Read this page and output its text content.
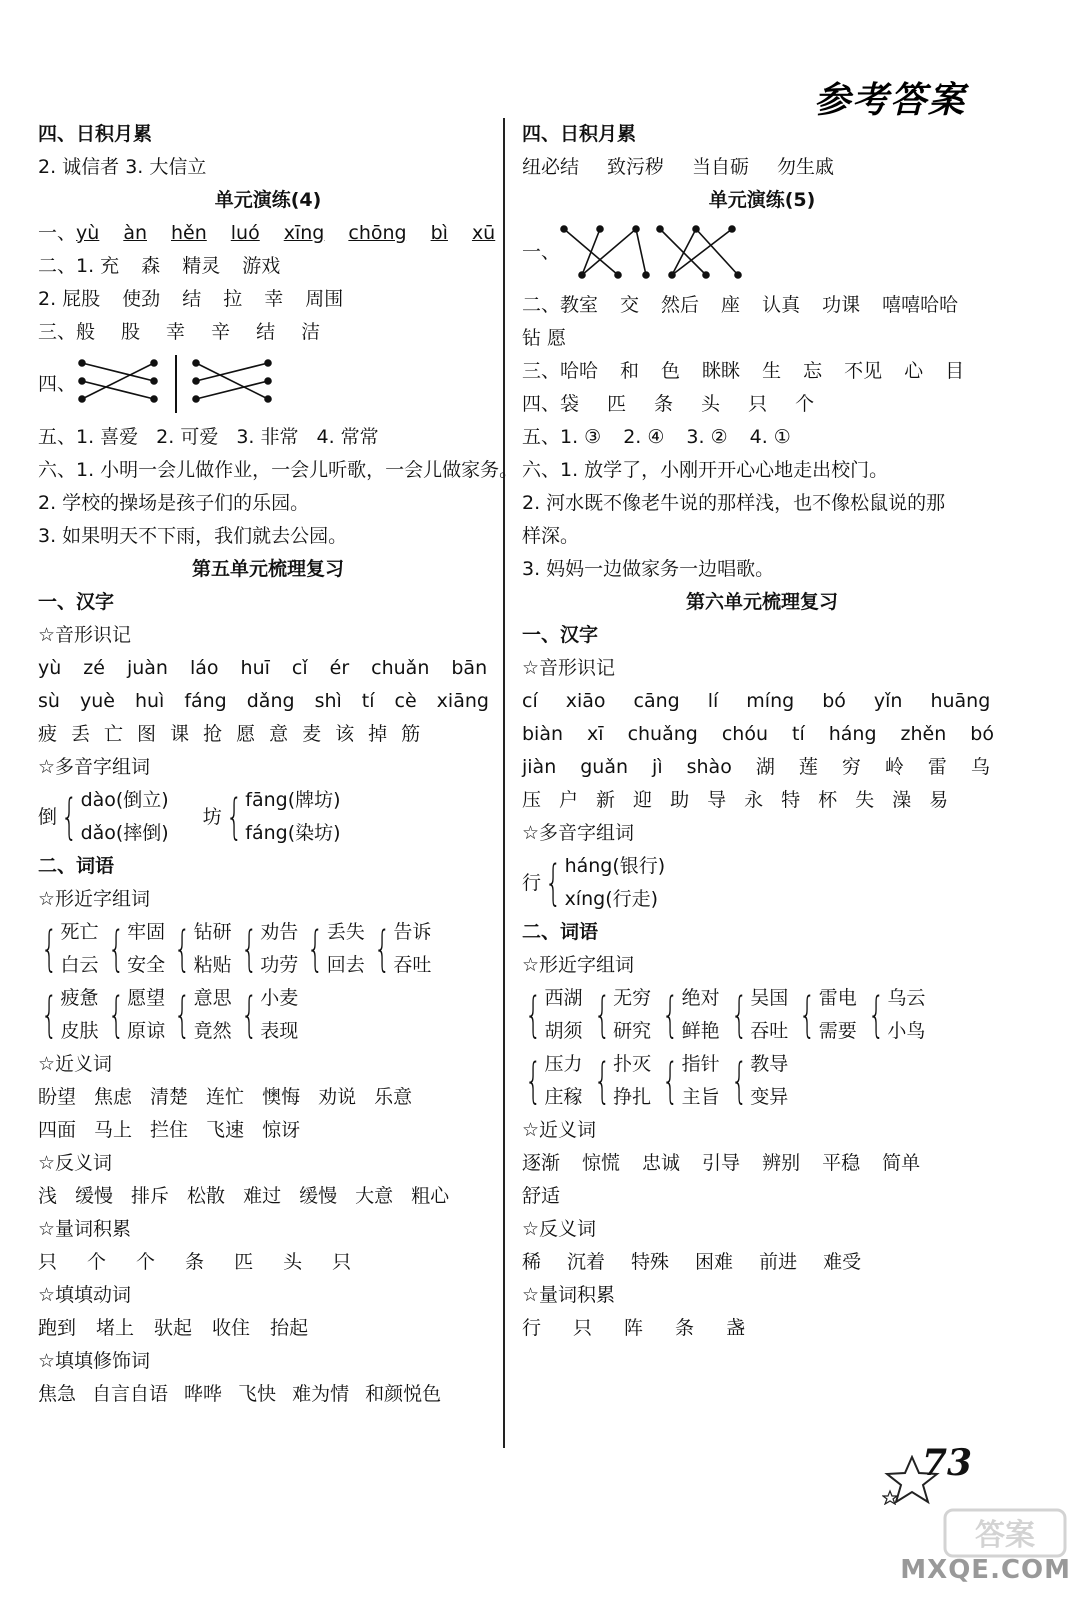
参考答案
四、日积月累
2. 诚信者 3. 大信立
单元演练(4)
一、yù àn hěn luó xīng chōng bì xū
二、1. 充 森 精灵 游戏
2. 屁股 使劲 结 拉 幸 周围
三、般 股 幸 辛 结 洁
四、
五、1. 喜爱 2. 可爱 3. 非常 4. 常常
六、1. 小明一会儿做作业，一会儿听歌，一会儿做家务。
2. 学校的操场是孩子们的乐园。
3. 如果明天不下雨，我们就去公园。
第五单元梳理复习
一、汉字
☆音形识记
yù zé juàn láo huī cǐ ér chuǎn bān
sù yuè huì fáng dǎng shì tí cè xiāng
疲 丢 亡 图 课 抢 愿 意 麦 该 掉 筋
☆多音字组词
倒 { dào(倒立)
dǎo(摔倒)
坊 { fāng(牌坊)
fáng(染坊)
二、词语
☆形近字组词
{ 死亡
白云 { 牢固
安全 { 钻研
粘贴 { 劝告
功劳 { 丢失
回去 { 告诉
吞吐
{ 疲惫
皮肤 { 愿望
原谅 { 意思
竟然 { 小麦
表现
☆近义词
盼望 焦虑 清楚 连忙 懊悔 劝说 乐意
四面 马上 拦住 飞速 惊讶
☆反义词
浅 缓慢 排斥 松散 难过 缓慢 大意 粗心
☆量词积累
只 个 个 条 匹 头 只
☆填填动词
跑到 堵上 驮起 收住 抬起
☆填填修饰词
焦急 自言自语 哗哗 飞快 难为情 和颜悦色
四、日积月累
纽必结 致污秽 当自砺 勿生戚
单元演练(5)
一、
二、教室 交 然后 座 认真 功课 嘻嘻哈哈
钻 愿
三、哈哈 和 色 眯眯 生 忘 不见 心 目
四、袋 匹 条 头 只 个
五、1. ③ 2. ④ 3. ② 4. ①
六、1. 放学了，小刚开开心心地走出校门。
2. 河水既不像老牛说的那样浅，也不像松鼠说的那
样深。
3. 妈妈一边做家务一边唱歌。
第六单元梳理复习
一、汉字
☆音形识记
cí xiāo cāng lí míng bó yǐn huāng
biàn xī chuǎng chóu tí háng zhěn bó
jiàn guǎn jì shào 湖 莲 穷 岭 雷 乌
压 户 新 迎 助 导 永 特 杯 失 澡 易
☆多音字组词
行 { háng(银行)
xíng(行走)
二、词语
☆形近字组词
{ 西湖
胡须 { 无穷
研究 { 绝对
鲜艳 { 吴国
吞吐 { 雷电
需要 { 乌云
小鸟
{ 压力
庄稼 { 扑灭
挣扎 { 指针
主旨 { 教导
变异
☆近义词
逐渐 惊慌 忠诚 引导 辨别 平稳 简单
舒适
☆反义词
稀 沉着 特殊 困难 前进 难受
☆量词积累
行 只 阵 条 盏
73
答案
MXQE.COM
